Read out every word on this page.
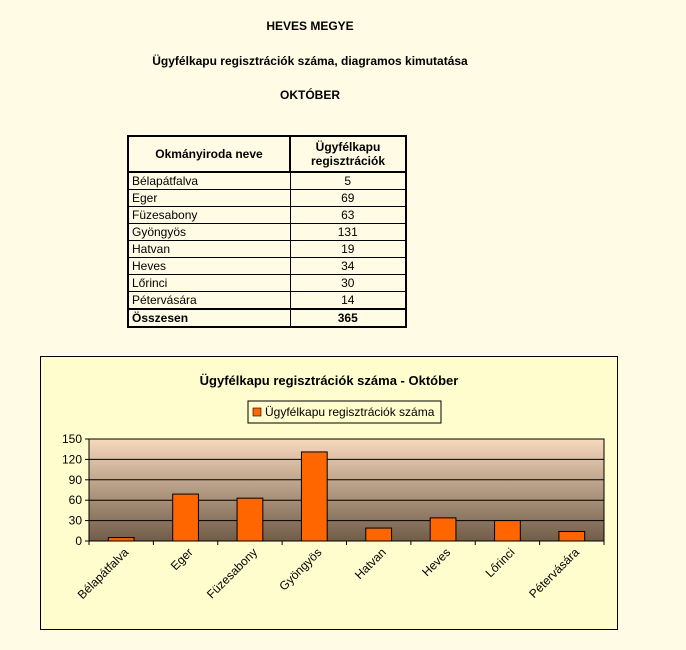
HEVES MEGYE
Ügyfélkapu regisztrációk száma, diagramos kimutatása
OKTÓBER
Okmányiroda neve	Ügyfélkapu regisztrációk
Bélapátfalva	5
Eger	69
Füzesabony	63
Gyöngyös	131
Hatvan	19
Heves	34
Lőrinci	30
Pétervására	14
Összesen	365
Ügyfélkapu regisztrációk száma - Október
Ügyfélkapu regisztrációk száma
0
30
60
90
120
150
Bélapátfalva	Eger Füzesabony Gyöngyös Hatvan	Heves Lőrinci Pétervására
